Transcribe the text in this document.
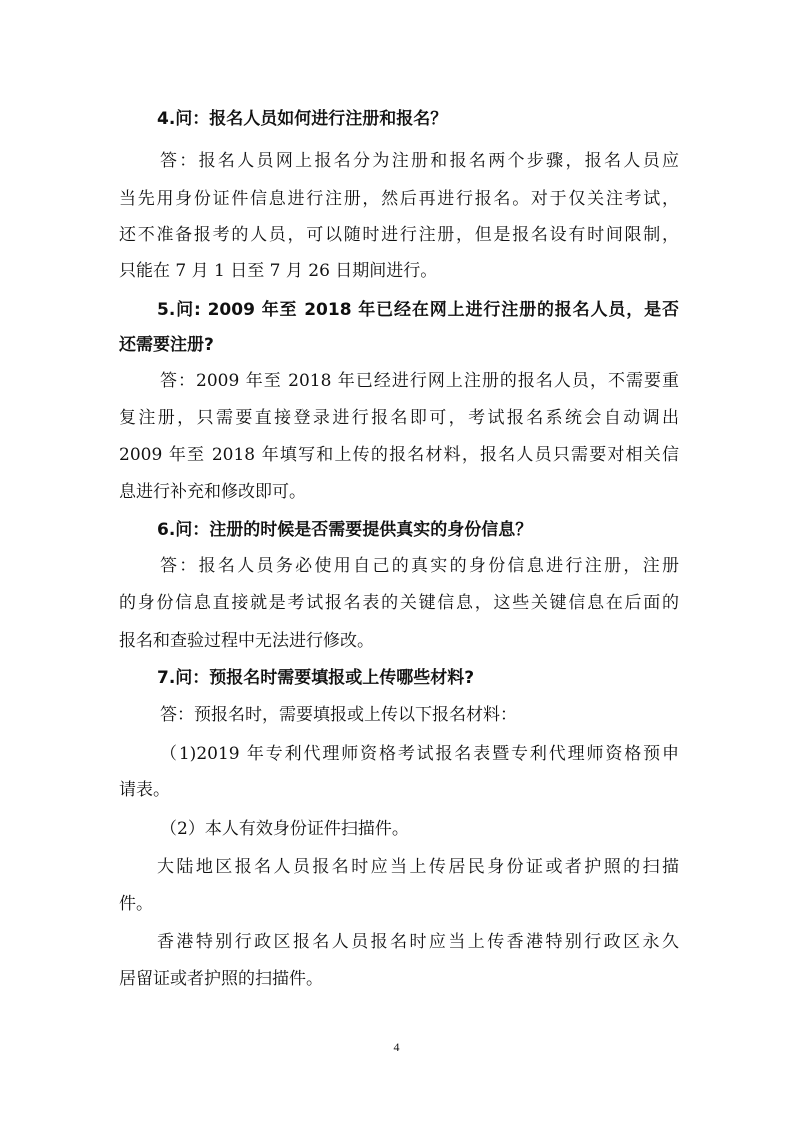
4.问：报名人员如何进行注册和报名？
答：报名人员网上报名分为注册和报名两个步骤，报名人员应
当先用身份证件信息进行注册，然后再进行报名。对于仅关注考试，
还不准备报考的人员，可以随时进行注册，但是报名设有时间限制，
只能在 7 月 1 日至 7 月 26 日期间进行。
5.问: 2009 年至 2018 年已经在网上进行注册的报名人员，是否
还需要注册?
答：2009 年至 2018 年已经进行网上注册的报名人员，不需要重
复注册，只需要直接登录进行报名即可，考试报名系统会自动调出
2009 年至 2018 年填写和上传的报名材料，报名人员只需要对相关信
息进行补充和修改即可。
6.问：注册的时候是否需要提供真实的身份信息？
答：报名人员务必使用自己的真实的身份信息进行注册，注册
的身份信息直接就是考试报名表的关键信息，这些关键信息在后面的
报名和查验过程中无法进行修改。
7.问：预报名时需要填报或上传哪些材料?
答：预报名时，需要填报或上传以下报名材料：
（1)2019 年专利代理师资格考试报名表暨专利代理师资格预申
请表。
（2）本人有效身份证件扫描件。
大陆地区报名人员报名时应当上传居民身份证或者护照的扫描
件。
香港特别行政区报名人员报名时应当上传香港特别行政区永久
居留证或者护照的扫描件。
4
